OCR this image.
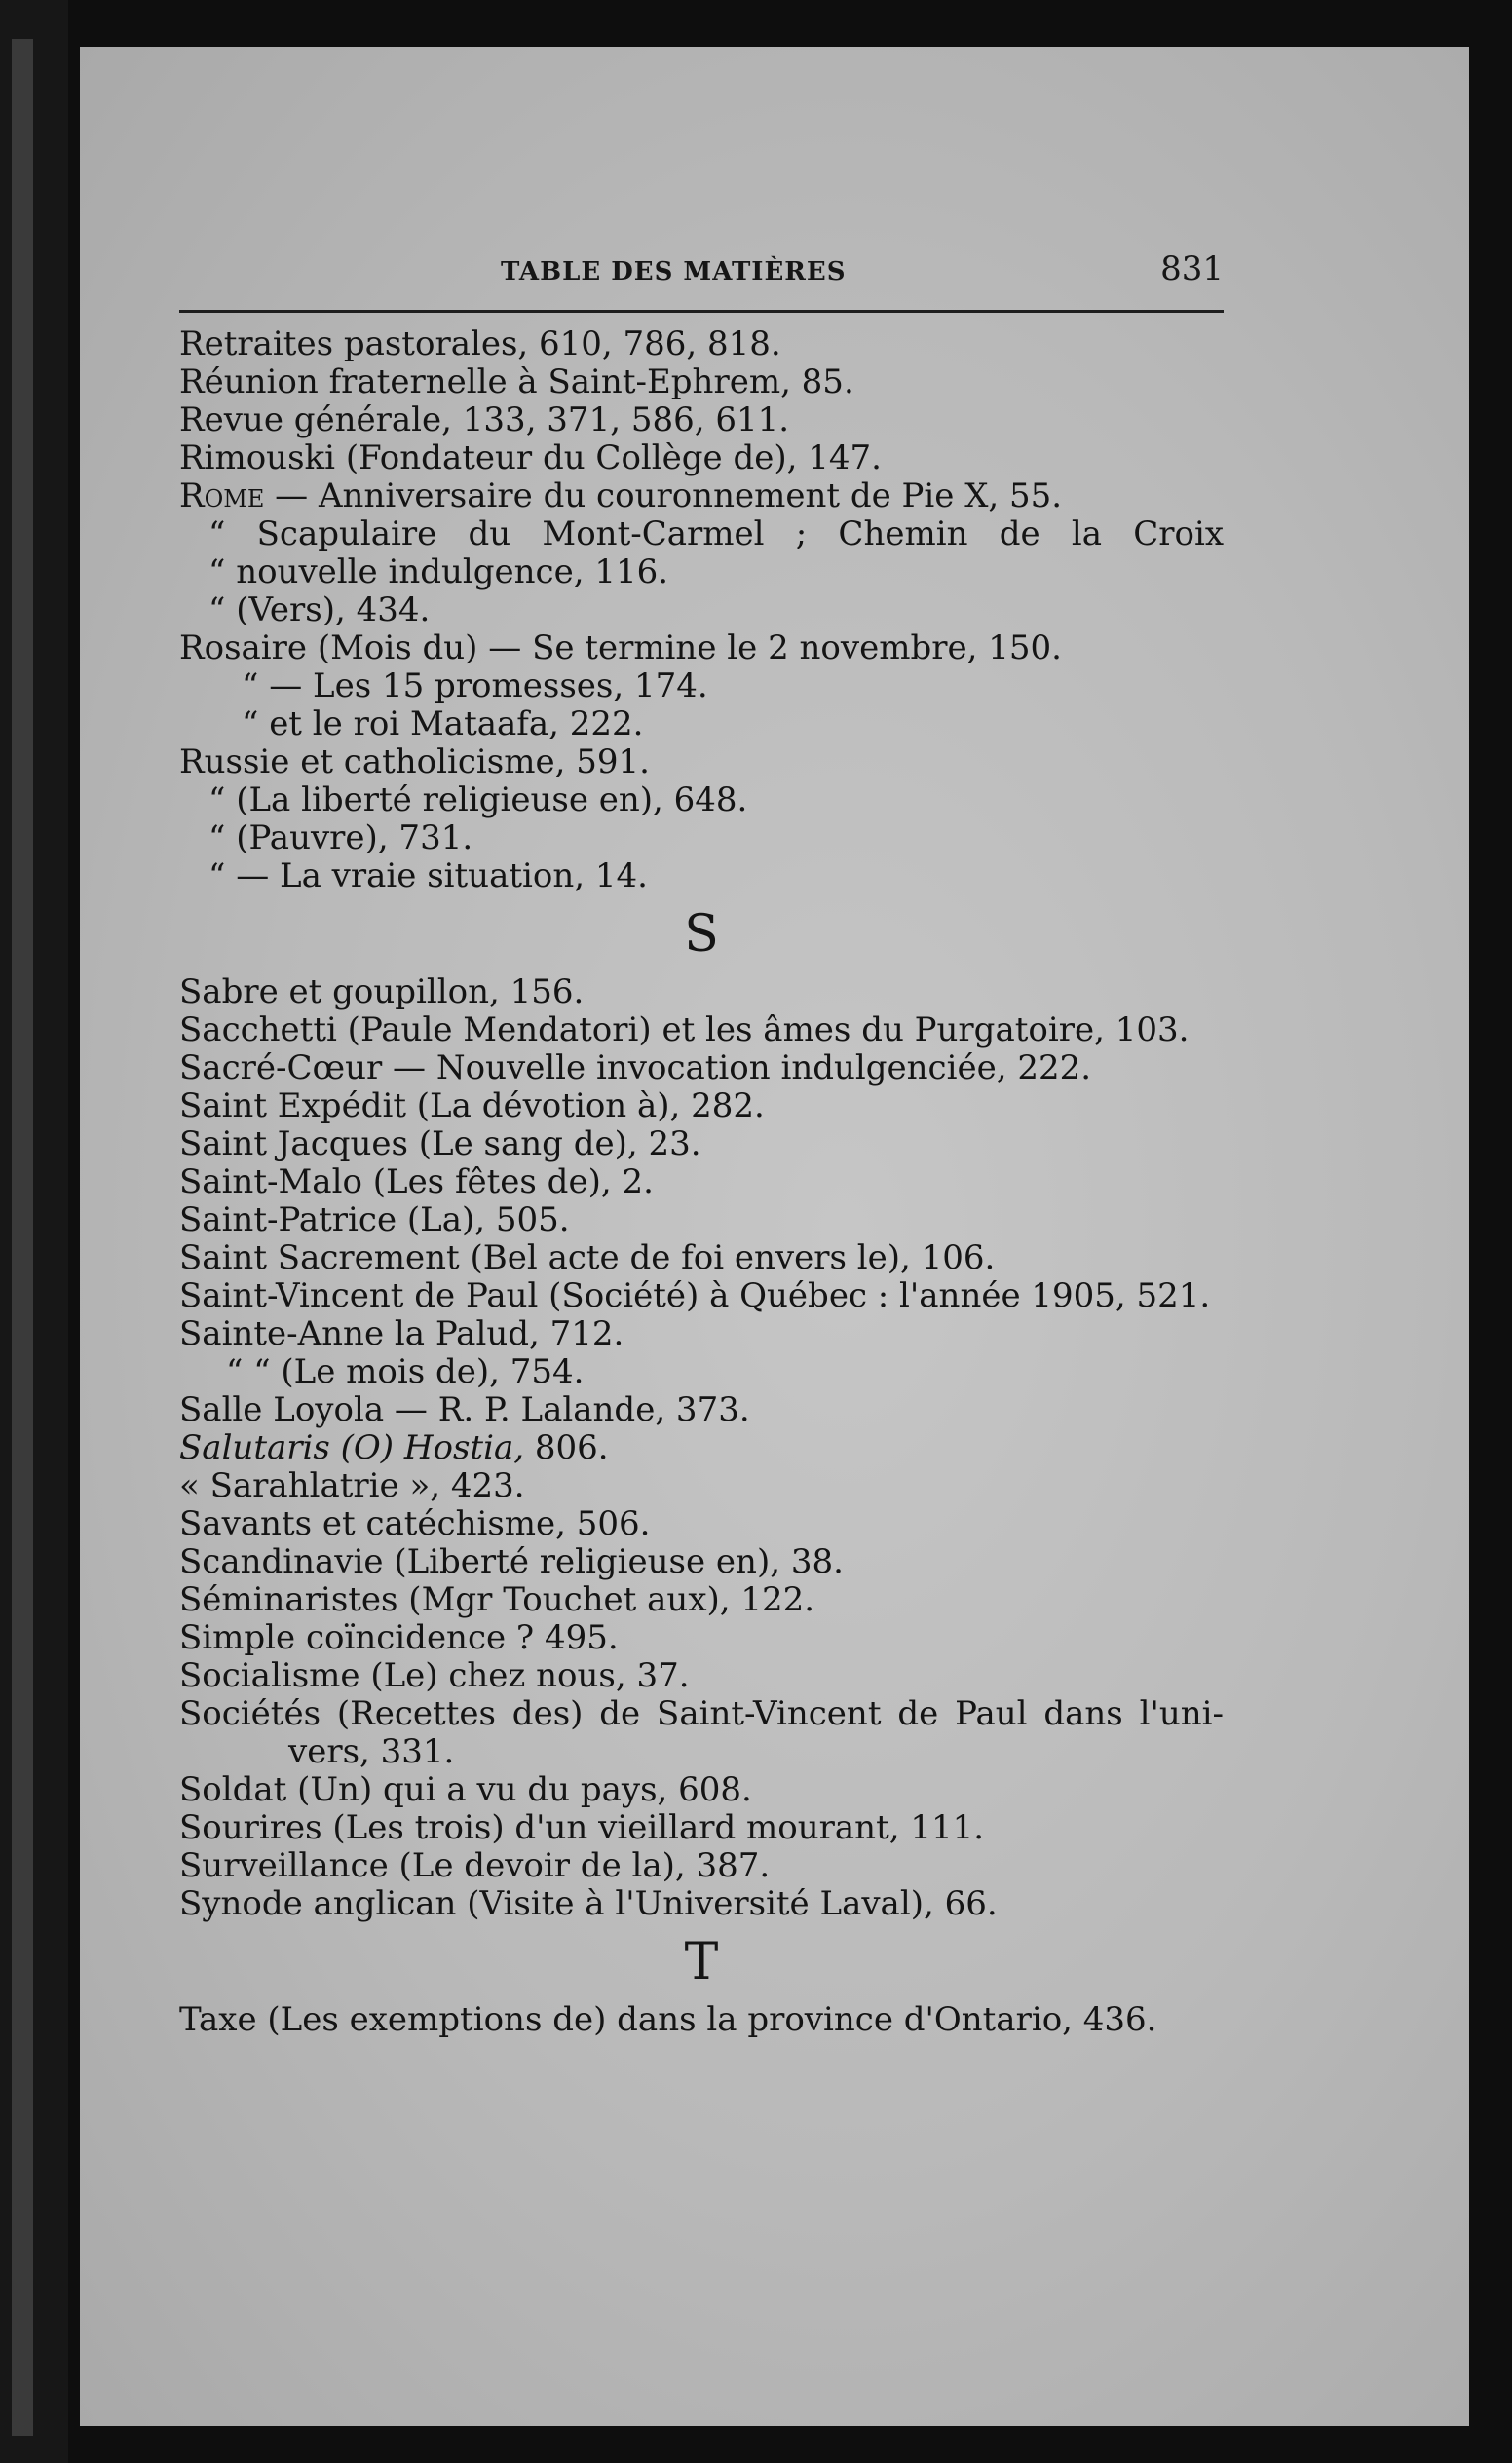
TABLE DES MATIÈRES	831
Retraites pastorales, 610, 786, 818.
Réunion fraternelle à Saint-Ephrem, 85.
Revue générale, 133, 371, 586, 611.
Rimouski (Fondateur du Collège de), 147.
Rome — Anniversaire du couronnement de Pie X, 55.
“ Scapulaire du Mont-Carmel ; Chemin de la Croix
“ nouvelle indulgence, 116.
“ (Vers), 434.
Rosaire (Mois du) — Se termine le 2 novembre, 150.
“ — Les 15 promesses, 174.
“ et le roi Mataafa, 222.
Russie et catholicisme, 591.
“ (La liberté religieuse en), 648.
“ (Pauvre), 731.
“ — La vraie situation, 14.
S
Sabre et goupillon, 156.
Sacchetti (Paule Mendatori) et les âmes du Purgatoire, 103.
Sacré-Cœur — Nouvelle invocation indulgenciée, 222.
Saint Expédit (La dévotion à), 282.
Saint Jacques (Le sang de), 23.
Saint-Malo (Les fêtes de), 2.
Saint-Patrice (La), 505.
Saint Sacrement (Bel acte de foi envers le), 106.
Saint-Vincent de Paul (Société) à Québec : l'année 1905, 521.
Sainte-Anne la Palud, 712.
“ “ (Le mois de), 754.
Salle Loyola — R. P. Lalande, 373.
Salutaris (O) Hostia, 806.
« Sarahlatrie », 423.
Savants et catéchisme, 506.
Scandinavie (Liberté religieuse en), 38.
Séminaristes (Mgr Touchet aux), 122.
Simple coïncidence ? 495.
Socialisme (Le) chez nous, 37.
Sociétés (Recettes des) de Saint-Vincent de Paul dans l'uni-
vers, 331.
Soldat (Un) qui a vu du pays, 608.
Sourires (Les trois) d'un vieillard mourant, 111.
Surveillance (Le devoir de la), 387.
Synode anglican (Visite à l'Université Laval), 66.
T
Taxe (Les exemptions de) dans la province d'Ontario, 436.
